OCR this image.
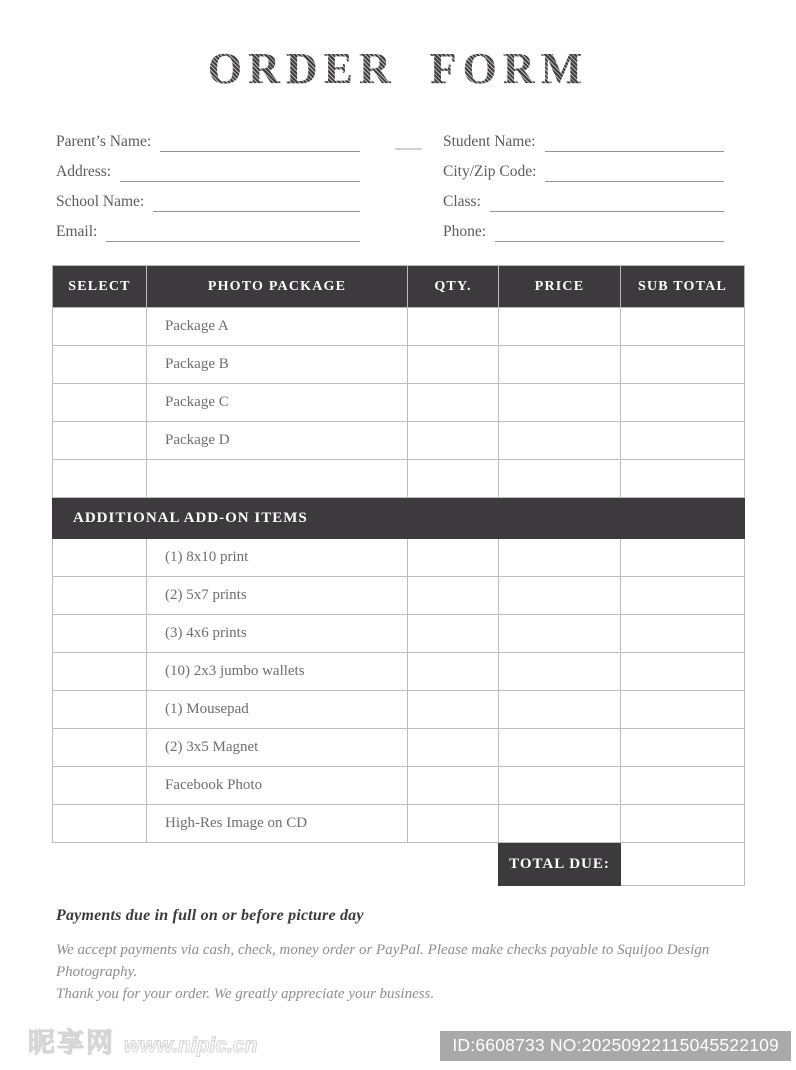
ORDER FORM
Parent’s Name:
Address:
School Name:
Email:
Student Name:
City/Zip Code:
Class:
Phone:
SELECT	PHOTO PACKAGE	QTY.	PRICE	SUB TOTAL
	Package A			
	Package B			
	Package C			
	Package D			

ADDITIONAL ADD-ON ITEMS				
	(1) 8x10 print			
	(2) 5x7 prints			
	(3) 4x6 prints			
	(10) 2x3 jumbo wallets			
	(1) Mousepad			
	(2) 3x5 Magnet			
	Facebook Photo			
	High-Res Image on CD			
			TOTAL DUE:	

Payments due in full on or before picture day

We accept payments via cash, check, money order or PayPal. Please make checks payable to Squijoo Design Photography.
Thank you for your order. We greatly appreciate your business.

昵享网 www.nipic.cn	ID:6608733 NO:20250922115045522109
